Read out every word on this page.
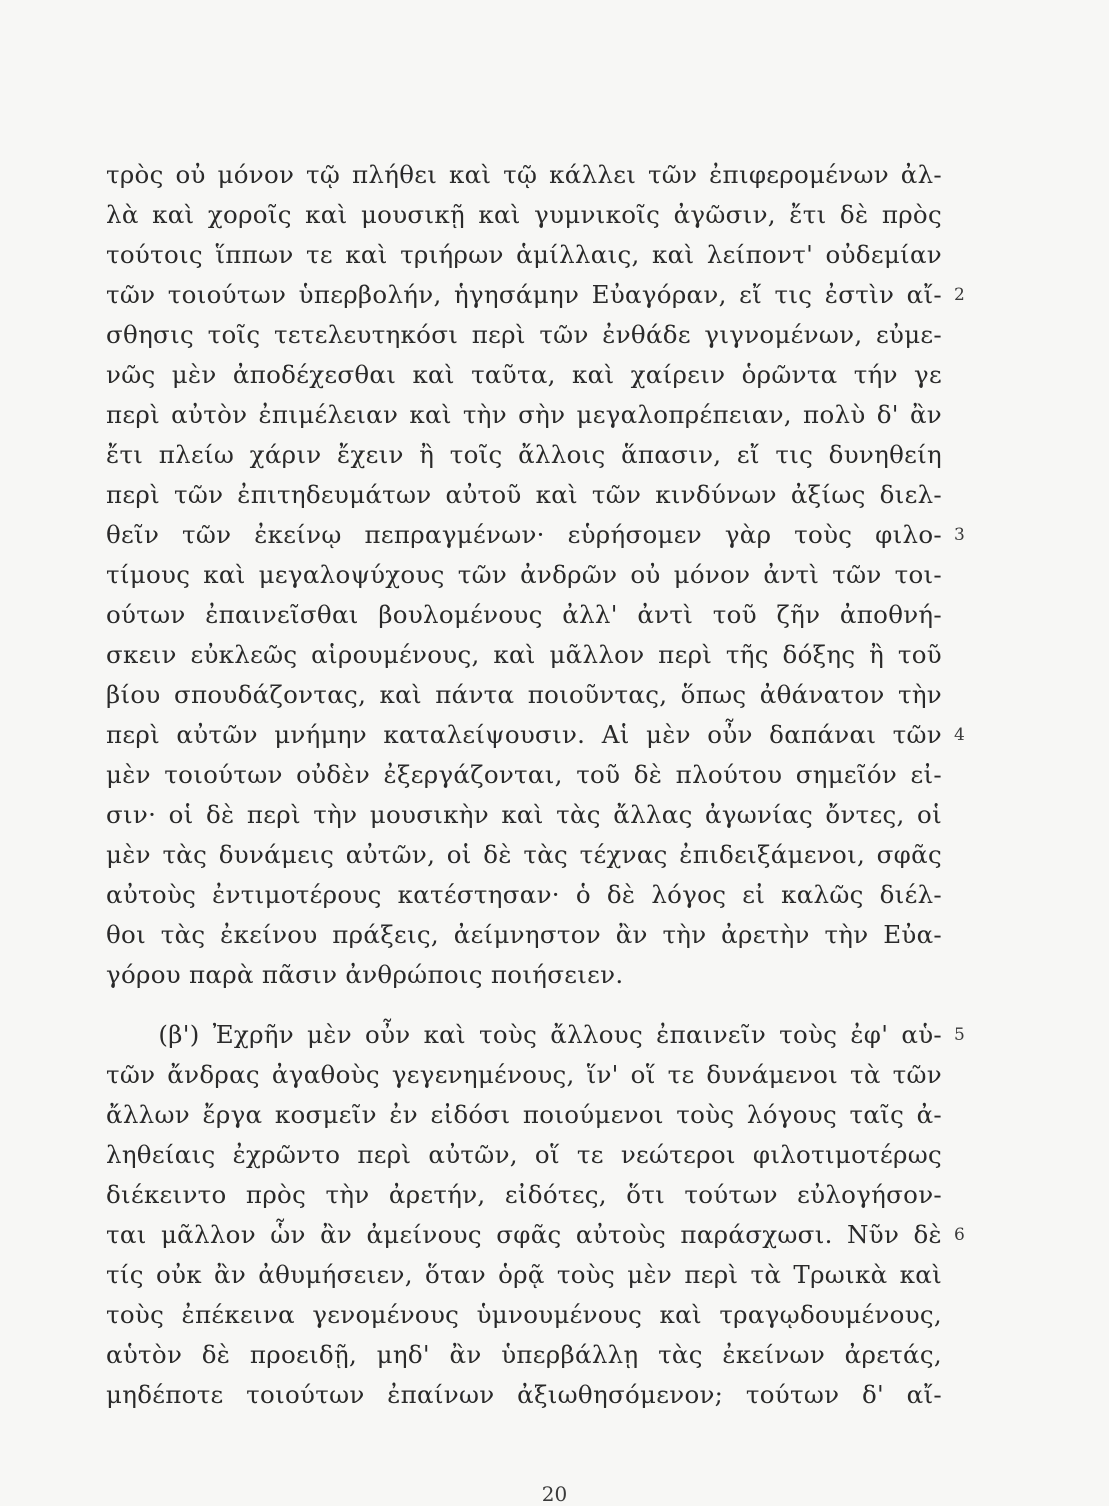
τρὸς οὐ μόνον τῷ πλήθει καὶ τῷ κάλλει τῶν ἐπιφερομένων ἀλ-
λὰ καὶ χοροῖς καὶ μουσικῇ καὶ γυμνικοῖς ἀγῶσιν, ἔτι δὲ πρὸς
τούτοις ἵππων τε καὶ τριήρων ἁμίλλαις, καὶ λείποντ' οὐδεμίαν
τῶν τοιούτων ὑπερβολήν, ἡγησάμην Εὐαγόραν, εἴ τις ἐστὶν αἴ-
σθησις τοῖς τετελευτηκόσι περὶ τῶν ἐνθάδε γιγνομένων, εὐμε-
νῶς μὲν ἀποδέχεσθαι καὶ ταῦτα, καὶ χαίρειν ὁρῶντα τήν γε
περὶ αὐτὸν ἐπιμέλειαν καὶ τὴν σὴν μεγαλοπρέπειαν, πολὺ δ' ἂν
ἔτι πλείω χάριν ἔχειν ἢ τοῖς ἄλλοις ἅπασιν, εἴ τις δυνηθείη
περὶ τῶν ἐπιτηδευμάτων αὐτοῦ καὶ τῶν κινδύνων ἀξίως διελ-
θεῖν τῶν ἐκείνῳ πεπραγμένων· εὑρήσομεν γὰρ τοὺς φιλο-
τίμους καὶ μεγαλοψύχους τῶν ἀνδρῶν οὐ μόνον ἀντὶ τῶν τοι-
ούτων ἐπαινεῖσθαι βουλομένους ἀλλ' ἀντὶ τοῦ ζῆν ἀποθνή-
σκειν εὐκλεῶς αἱρουμένους, καὶ μᾶλλον περὶ τῆς δόξης ἢ τοῦ
βίου σπουδάζοντας, καὶ πάντα ποιοῦντας, ὅπως ἀθάνατον τὴν
περὶ αὐτῶν μνήμην καταλείψουσιν. Αἱ μὲν οὖν δαπάναι τῶν
μὲν τοιούτων οὐδὲν ἐξεργάζονται, τοῦ δὲ πλούτου σημεῖόν εἰ-
σιν· οἱ δὲ περὶ τὴν μουσικὴν καὶ τὰς ἄλλας ἀγωνίας ὄντες, οἱ
μὲν τὰς δυνάμεις αὐτῶν, οἱ δὲ τὰς τέχνας ἐπιδειξάμενοι, σφᾶς
αὐτοὺς ἐντιμοτέρους κατέστησαν· ὁ δὲ λόγος εἰ καλῶς διέλ-
θοι τὰς ἐκείνου πράξεις, ἀείμνηστον ἂν τὴν ἀρετὴν τὴν Εὐα-
γόρου παρὰ πᾶσιν ἀνθρώποις ποιήσειεν.
(β') Ἐχρῆν μὲν οὖν καὶ τοὺς ἄλλους ἐπαινεῖν τοὺς ἐφ' αὑ-
τῶν ἄνδρας ἀγαθοὺς γεγενημένους, ἵν' οἵ τε δυνάμενοι τὰ τῶν
ἄλλων ἔργα κοσμεῖν ἐν εἰδόσι ποιούμενοι τοὺς λόγους ταῖς ἀ-
ληθείαις ἐχρῶντο περὶ αὐτῶν, οἵ τε νεώτεροι φιλοτιμοτέρως
διέκειντο πρὸς τὴν ἀρετήν, εἰδότες, ὅτι τούτων εὐλογήσον-
ται μᾶλλον ὧν ἂν ἀμείνους σφᾶς αὐτοὺς παράσχωσι. Νῦν δὲ
τίς οὐκ ἂν ἀθυμήσειεν, ὅταν ὁρᾷ τοὺς μὲν περὶ τὰ Τρωικὰ καὶ
τοὺς ἐπέκεινα γενομένους ὑμνουμένους καὶ τραγῳδουμένους,
αὑτὸν δὲ προειδῇ, μηδ' ἂν ὑπερβάλλῃ τὰς ἐκείνων ἀρετάς,
μηδέποτε τοιούτων ἐπαίνων ἀξιωθησόμενον; τούτων δ' αἴ-
2
3
4
5
6
20
